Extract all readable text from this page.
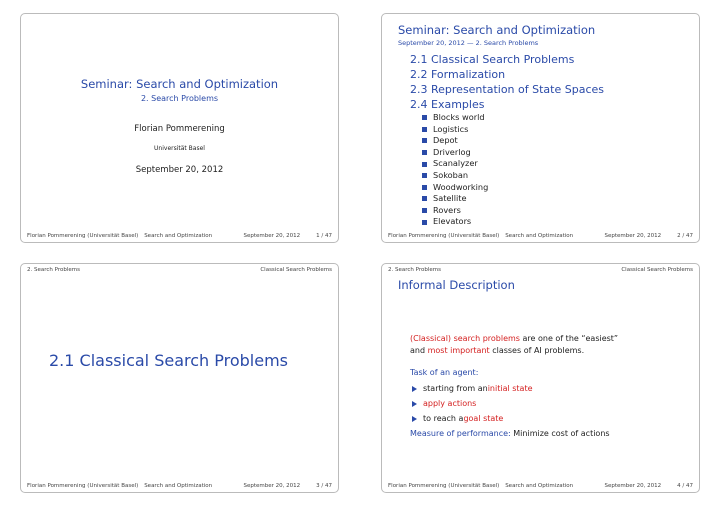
Seminar: Search and Optimization
2. Search Problems
Florian Pommerening
Universität Basel
September 20, 2012
Florian Pommerening (Universität Basel)	Search and Optimization	September 20, 2012	1 / 47
Seminar: Search and Optimization
September 20, 2012 — 2. Search Problems
2.1 Classical Search Problems
2.2 Formalization
2.3 Representation of State Spaces
2.4 Examples
Blocks world
Logistics
Depot
Driverlog
Scanalyzer
Sokoban
Woodworking
Satellite
Rovers
Elevators
Florian Pommerening (Universität Basel)	Search and Optimization	September 20, 2012	2 / 47
2. Search Problems	Classical Search Problems
2.1 Classical Search Problems
Florian Pommerening (Universität Basel)	Search and Optimization	September 20, 2012	3 / 47
2. Search Problems	Classical Search Problems
Informal Description
(Classical) search problems are one of the “easiest”
and most important classes of AI problems.
Task of an agent:
starting from an initial state
apply actions
to reach a goal state
Measure of performance: Minimize cost of actions
Florian Pommerening (Universität Basel)	Search and Optimization	September 20, 2012	4 / 47
